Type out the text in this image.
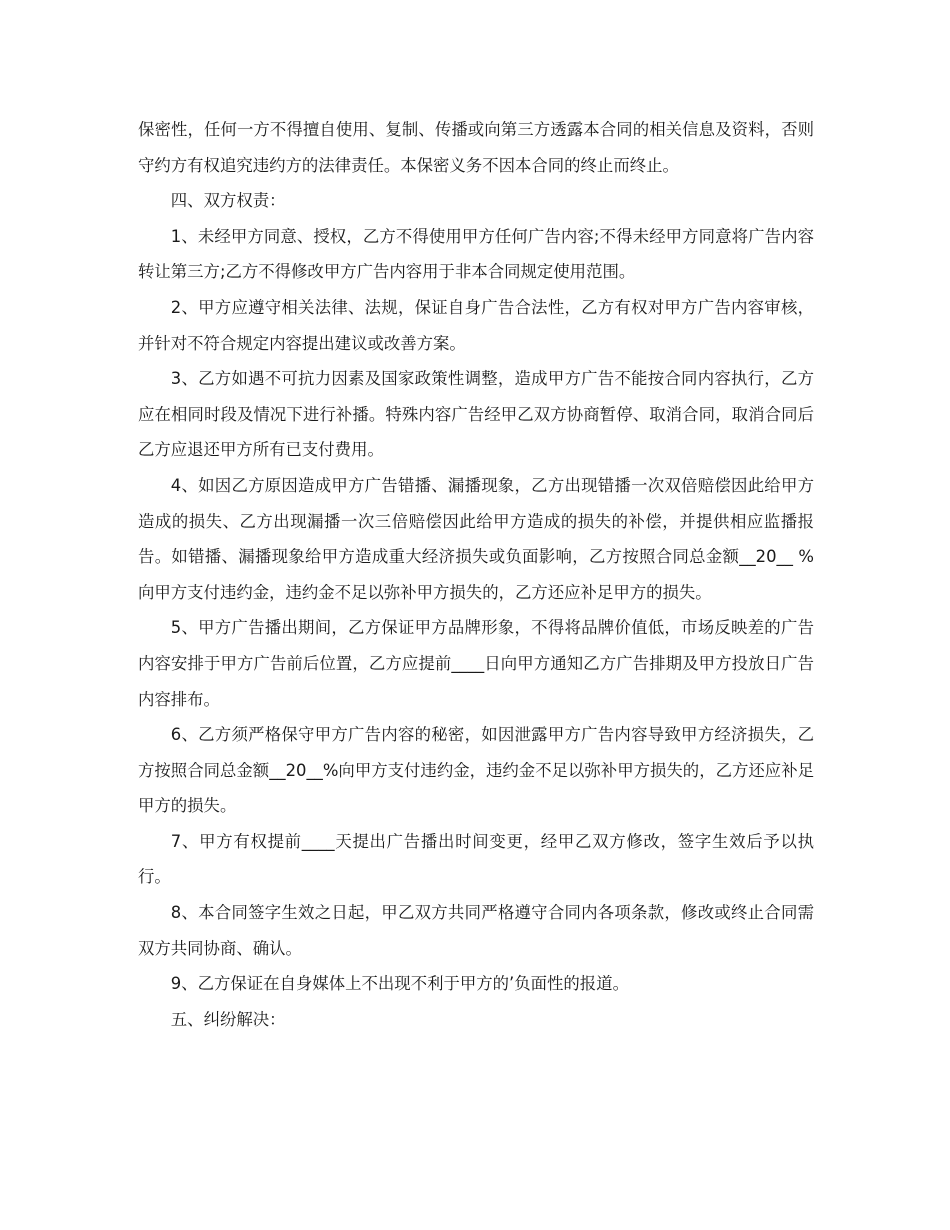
保密性，任何一方不得擅自使用、复制、传播或向第三方透露本合同的相关信息及资料，否则守约方有权追究违约方的法律责任。本保密义务不因本合同的终止而终止。

四、双方权责：

1、未经甲方同意、授权，乙方不得使用甲方任何广告内容;不得未经甲方同意将广告内容转让第三方;乙方不得修改甲方广告内容用于非本合同规定使用范围。

2、甲方应遵守相关法律、法规，保证自身广告合法性，乙方有权对甲方广告内容审核，并针对不符合规定内容提出建议或改善方案。

3、乙方如遇不可抗力因素及国家政策性调整，造成甲方广告不能按合同内容执行，乙方应在相同时段及情况下进行补播。特殊内容广告经甲乙双方协商暂停、取消合同，取消合同后乙方应退还甲方所有已支付费用。

4、如因乙方原因造成甲方广告错播、漏播现象，乙方出现错播一次双倍赔偿因此给甲方造成的损失、乙方出现漏播一次三倍赔偿因此给甲方造成的损失的补偿，并提供相应监播报告。如错播、漏播现象给甲方造成重大经济损失或负面影响，乙方按照合同总金额__20__ %向甲方支付违约金，违约金不足以弥补甲方损失的，乙方还应补足甲方的损失。

5、甲方广告播出期间，乙方保证甲方品牌形象，不得将品牌价值低，市场反映差的广告内容安排于甲方广告前后位置，乙方应提前____日向甲方通知乙方广告排期及甲方投放日广告内容排布。

6、乙方须严格保守甲方广告内容的秘密，如因泄露甲方广告内容导致甲方经济损失，乙方按照合同总金额__20__%向甲方支付违约金，违约金不足以弥补甲方损失的，乙方还应补足甲方的损失。

7、甲方有权提前____天提出广告播出时间变更，经甲乙双方修改，签字生效后予以执行。

8、本合同签字生效之日起，甲乙双方共同严格遵守合同内各项条款，修改或终止合同需双方共同协商、确认。

9、乙方保证在自身媒体上不出现不利于甲方的’负面性的报道。

五、纠纷解决：
